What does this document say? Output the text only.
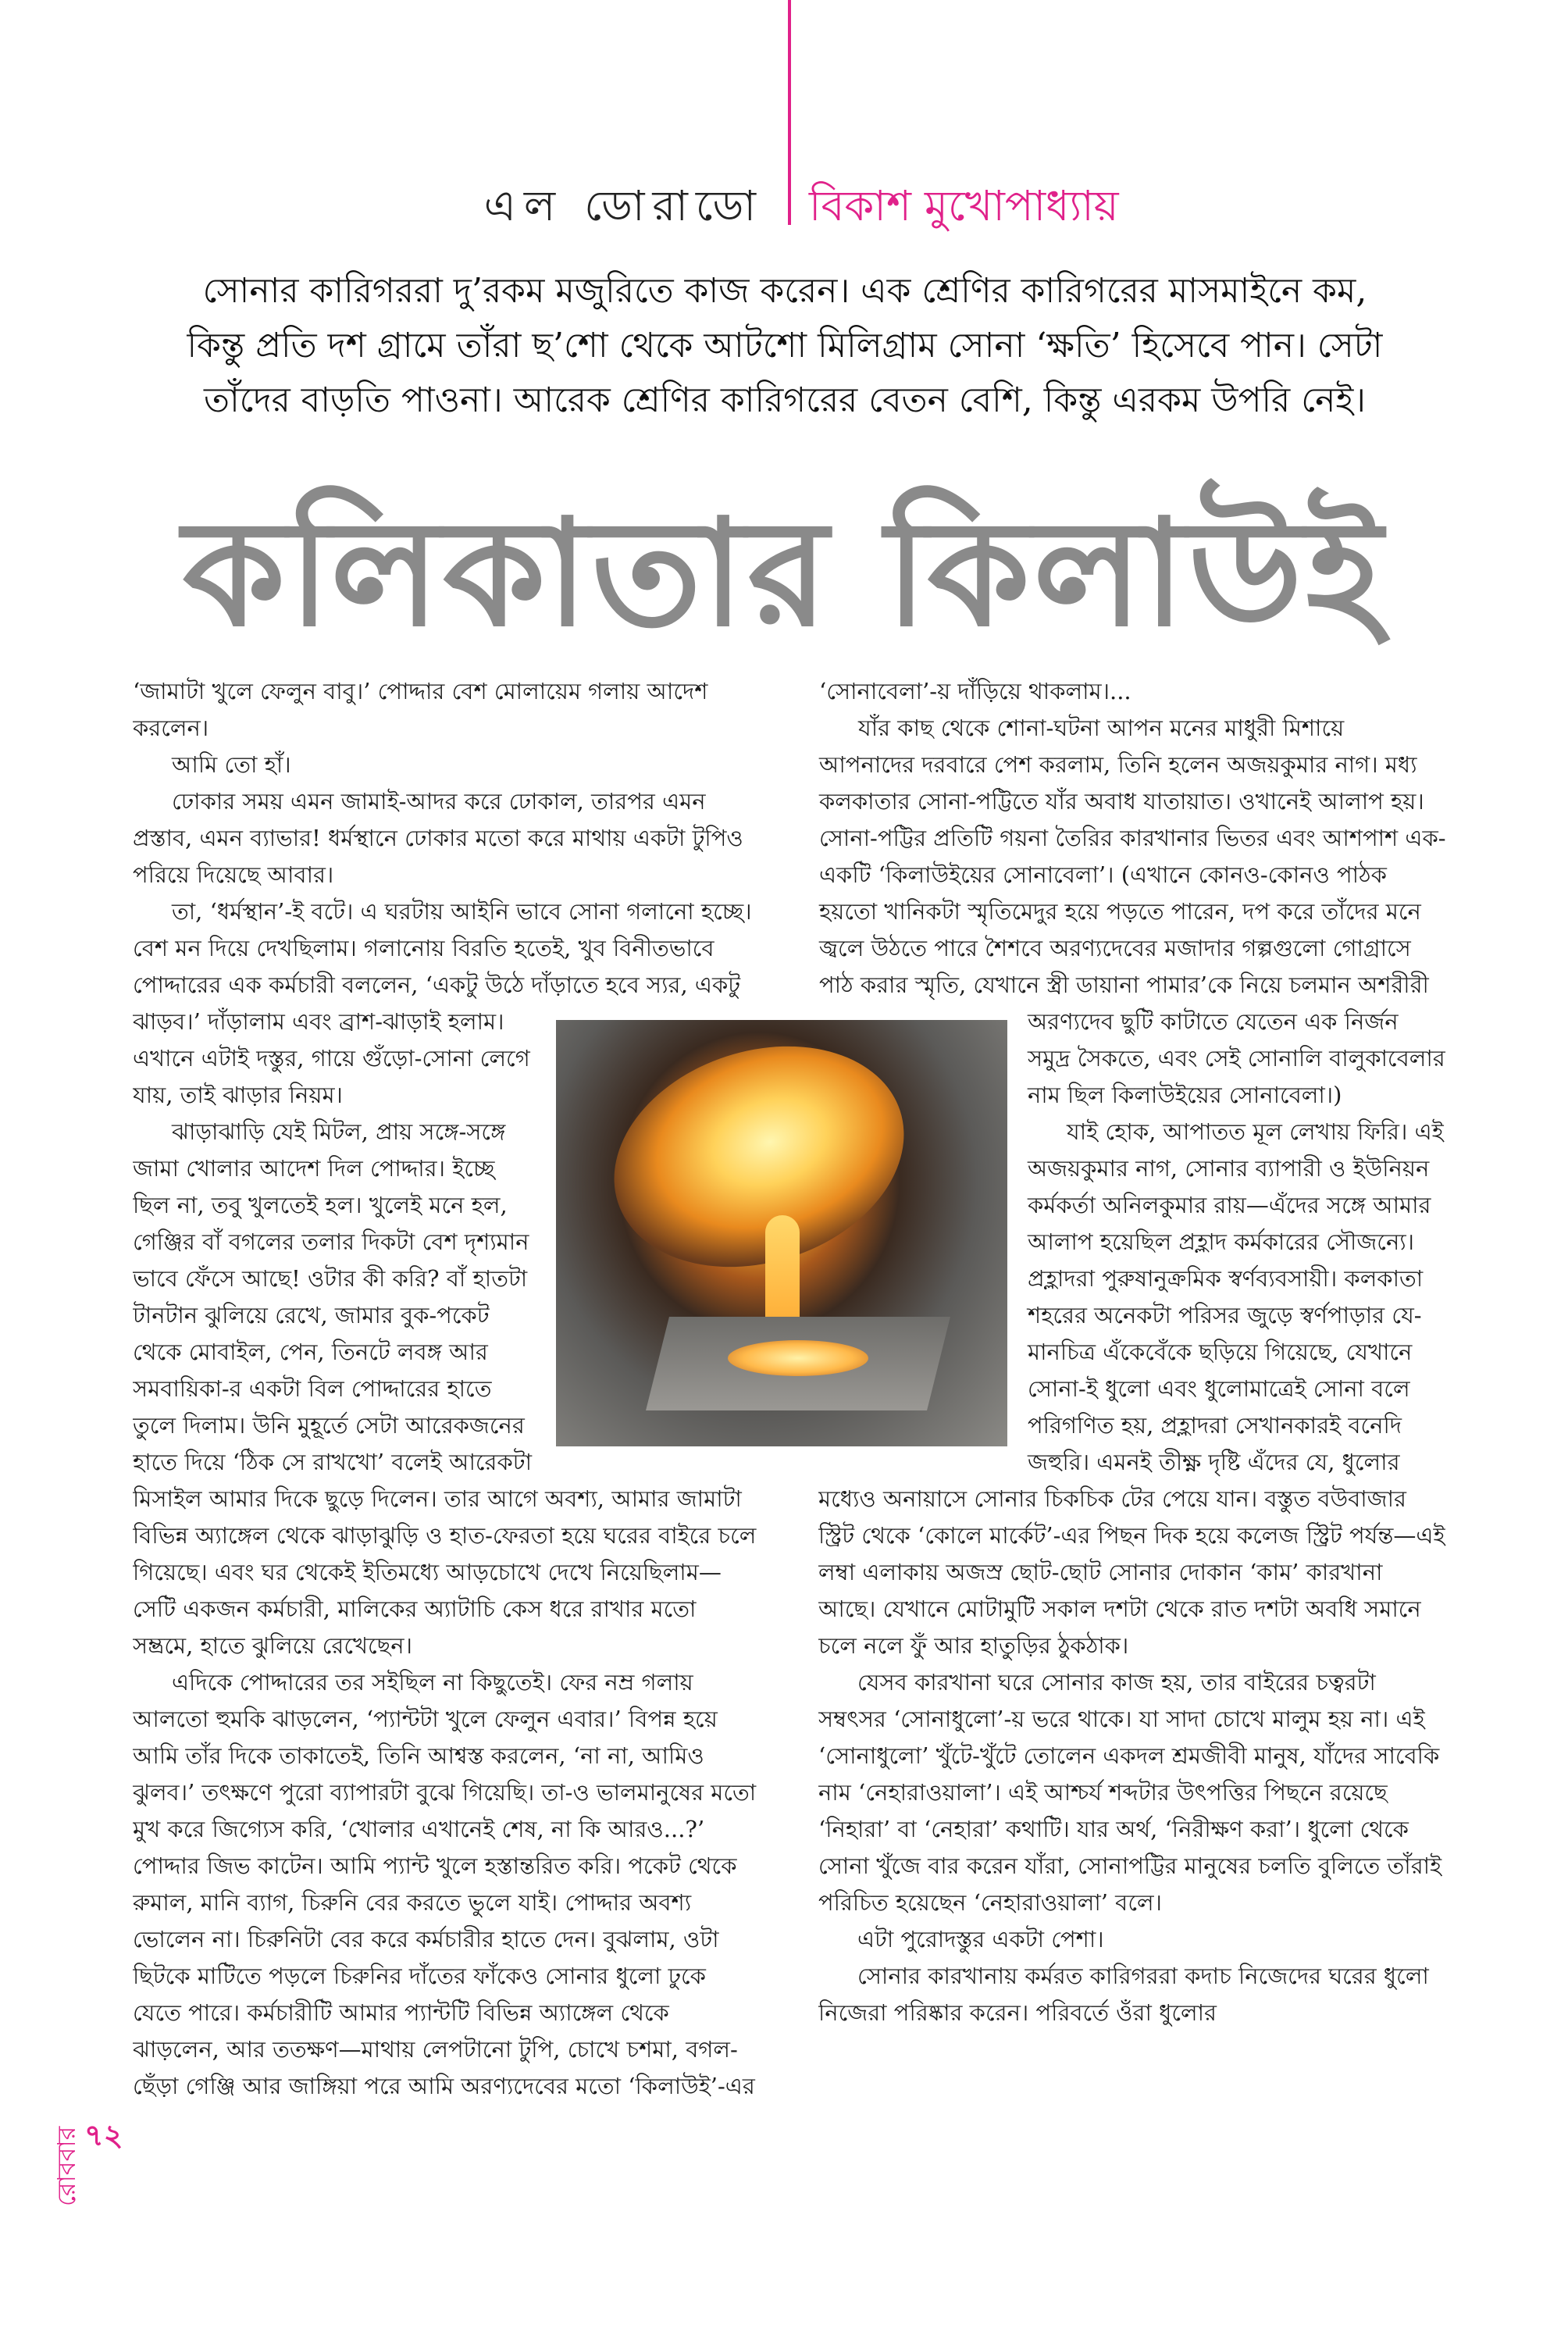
এল ডোরাডো বিকাশ মুখোপাধ্যায়
সোনার কারিগররা দু’রকম মজুরিতে কাজ করেন। এক শ্রেণির কারিগরের মাসমাইনে কম, কিন্তু প্রতি দশ গ্রামে তাঁরা ছ’শো থেকে আটশো মিলিগ্রাম সোনা ‘ক্ষতি’ হিসেবে পান। সেটা তাঁদের বাড়তি পাওনা। আরেক শ্রেণির কারিগরের বেতন বেশি, কিন্তু এরকম উপরি নেই।
কলিকাতার কিলাউই

‘জামাটা খুলে ফেলুন বাবু।’ পোদ্দার বেশ মোলায়েম গলায় আদেশ করলেন।

আমি তো হাঁ।

ঢোকার সময় এমন জামাই-আদর করে ঢোকাল, তারপর এমন প্রস্তাব, এমন ব্যাভার! ধর্মস্থানে ঢোকার মতো করে মাথায় একটা টুপিও পরিয়ে দিয়েছে আবার।

তা, ‘ধর্মস্থান’-ই বটে। এ ঘরটায় আইনি ভাবে সোনা গলানো হচ্ছে। বেশ মন দিয়ে দেখছিলাম। গলানোয় বিরতি হতেই, খুব বিনীতভাবে পোদ্দারের এক কর্মচারী বললেন, ‘একটু উঠে দাঁড়াতে হবে স্যর, একটু ঝাড়ব।’ দাঁড়ালাম এবং ব্রাশ-ঝাড়াই হলাম। এখানে এটাই দস্তুর, গায়ে গুঁড়ো-সোনা লেগে যায়, তাই ঝাড়ার নিয়ম।

ঝাড়াঝাড়ি যেই মিটল, প্রায় সঙ্গে-সঙ্গে জামা খোলার আদেশ দিল পোদ্দার। ইচ্ছে ছিল না, তবু খুলতেই হল। খুলেই মনে হল, গেঞ্জির বাঁ বগলের তলার দিকটা বেশ দৃশ্যমান ভাবে ফেঁসে আছে! ওটার কী করি? বাঁ হাতটা টানটান ঝুলিয়ে রেখে, জামার বুক-পকেট থেকে মোবাইল, পেন, তিনটে লবঙ্গ আর সমবায়িকা-র একটা বিল পোদ্দারের হাতে তুলে দিলাম। উনি মুহূর্তে সেটা আরেকজনের হাতে দিয়ে ‘ঠিক সে রাখখো’ বলেই আরেকটা মিসাইল আমার দিকে ছুড়ে দিলেন। তার আগে অবশ্য, আমার জামাটা বিভিন্ন অ্যাঙ্গেল থেকে ঝাড়াঝুড়ি ও হাত-ফেরতা হয়ে ঘরের বাইরে চলে গিয়েছে। এবং ঘর থেকেই ইতিমধ্যে আড়চোখে দেখে নিয়েছিলাম—সেটি একজন কর্মচারী, মালিকের অ্যাটাচি কেস ধরে রাখার মতো সম্ভ্রমে, হাতে ঝুলিয়ে রেখেছেন।

এদিকে পোদ্দারের তর সইছিল না কিছুতেই। ফের নম্র গলায় আলতো হুমকি ঝাড়লেন, ‘প্যান্টটা খুলে ফেলুন এবার।’ বিপন্ন হয়ে আমি তাঁর দিকে তাকাতেই, তিনি আশ্বস্ত করলেন, ‘না না, আমিও ঝুলব।’ তৎক্ষণে পুরো ব্যাপারটা বুঝে গিয়েছি। তা-ও ভালমানুষের মতো মুখ করে জিগ্যেস করি, ‘খোলার এখানেই শেষ, না কি আরও...?’ পোদ্দার জিভ কাটেন। আমি প্যান্ট খুলে হস্তান্তরিত করি। পকেট থেকে রুমাল, মানি ব্যাগ, চিরুনি বের করতে ভুলে যাই। পোদ্দার অবশ্য ভোলেন না। চিরুনিটা বের করে কর্মচারীর হাতে দেন। বুঝলাম, ওটা ছিটকে মাটিতে পড়লে চিরুনির দাঁতের ফাঁকেও সোনার ধুলো ঢুকে যেতে পারে। কর্মচারীটি আমার প্যান্টটি বিভিন্ন অ্যাঙ্গেল থেকে ঝাড়লেন, আর ততক্ষণ—মাথায় লেপটানো টুপি, চোখে চশমা, বগল-ছেঁড়া গেঞ্জি আর জাঙ্গিয়া পরে আমি অরণ্যদেবের মতো ‘কিলাউই’-এর

‘সোনাবেলা’-য় দাঁড়িয়ে থাকলাম।...

যাঁর কাছ থেকে শোনা-ঘটনা আপন মনের মাধুরী মিশায়ে আপনাদের দরবারে পেশ করলাম, তিনি হলেন অজয়কুমার নাগ। মধ্য কলকাতার সোনা-পট্টিতে যাঁর অবাধ যাতায়াত। ওখানেই আলাপ হয়। সোনা-পট্টির প্রতিটি গয়না তৈরির কারখানার ভিতর এবং আশপাশ এক-একটি ‘কিলাউইয়ের সোনাবেলা’। (এখানে কোনও-কোনও পাঠক হয়তো খানিকটা স্মৃতিমেদুর হয়ে পড়তে পারেন, দপ করে তাঁদের মনে জ্বলে উঠতে পারে শৈশবে অরণ্যদেবের মজাদার গল্পগুলো গোগ্রাসে পাঠ করার স্মৃতি, যেখানে স্ত্রী ডায়ানা পামার’কে নিয়ে চলমান অশরীরী অরণ্যদেব ছুটি কাটাতে যেতেন এক নির্জন সমুদ্র সৈকতে, এবং সেই সোনালি বালুকাবেলার নাম ছিল কিলাউইয়ের সোনাবেলা।)

যাই হোক, আপাতত মূল লেখায় ফিরি। এই অজয়কুমার নাগ, সোনার ব্যাপারী ও ইউনিয়ন কর্মকর্তা অনিলকুমার রায়—এঁদের সঙ্গে আমার আলাপ হয়েছিল প্রহ্লাদ কর্মকারের সৌজন্যে। প্রহ্লাদরা পুরুষানুক্রমিক স্বর্ণব্যবসায়ী। কলকাতা শহরের অনেকটা পরিসর জুড়ে স্বর্ণপাড়ার যে-মানচিত্র এঁকেবেঁকে ছড়িয়ে গিয়েছে, যেখানে সোনা-ই ধুলো এবং ধুলোমাত্রেই সোনা বলে পরিগণিত হয়, প্রহ্লাদরা সেখানকারই বনেদি জহুরি। এমনই তীক্ষ্ণ দৃষ্টি এঁদের যে, ধুলোর মধ্যেও অনায়াসে সোনার চিকচিক টের পেয়ে যান। বস্তুত বউবাজার স্ট্রিট থেকে ‘কোলে মার্কেট’-এর পিছন দিক হয়ে কলেজ স্ট্রিট পর্যন্ত—এই লম্বা এলাকায় অজস্র ছোট-ছোট সোনার দোকান ‘কাম’ কারখানা আছে। যেখানে মোটামুটি সকাল দশটা থেকে রাত দশটা অবধি সমানে চলে নলে ফুঁ আর হাতুড়ির ঠুকঠাক।

যেসব কারখানা ঘরে সোনার কাজ হয়, তার বাইরের চত্বরটা সম্বৎসর ‘সোনাধুলো’-য় ভরে থাকে। যা সাদা চোখে মালুম হয় না। এই ‘সোনাধুলো’ খুঁটে-খুঁটে তোলেন একদল শ্রমজীবী মানুষ, যাঁদের সাবেকি নাম ‘নেহারাওয়ালা’। এই আশ্চর্য শব্দটার উৎপত্তির পিছনে রয়েছে ‘নিহারা’ বা ‘নেহারা’ কথাটি। যার অর্থ, ‘নিরীক্ষণ করা’। ধুলো থেকে সোনা খুঁজে বার করেন যাঁরা, সোনাপট্টির মানুষের চলতি বুলিতে তাঁরাই পরিচিত হয়েছেন ‘নেহারাওয়ালা’ বলে।

এটা পুরোদস্তুর একটা পেশা।

সোনার কারখানায় কর্মরত কারিগররা কদাচ নিজেদের ঘরের ধুলো নিজেরা পরিষ্কার করেন। পরিবর্তে ওঁরা ধুলোর

৭২
রোববার
